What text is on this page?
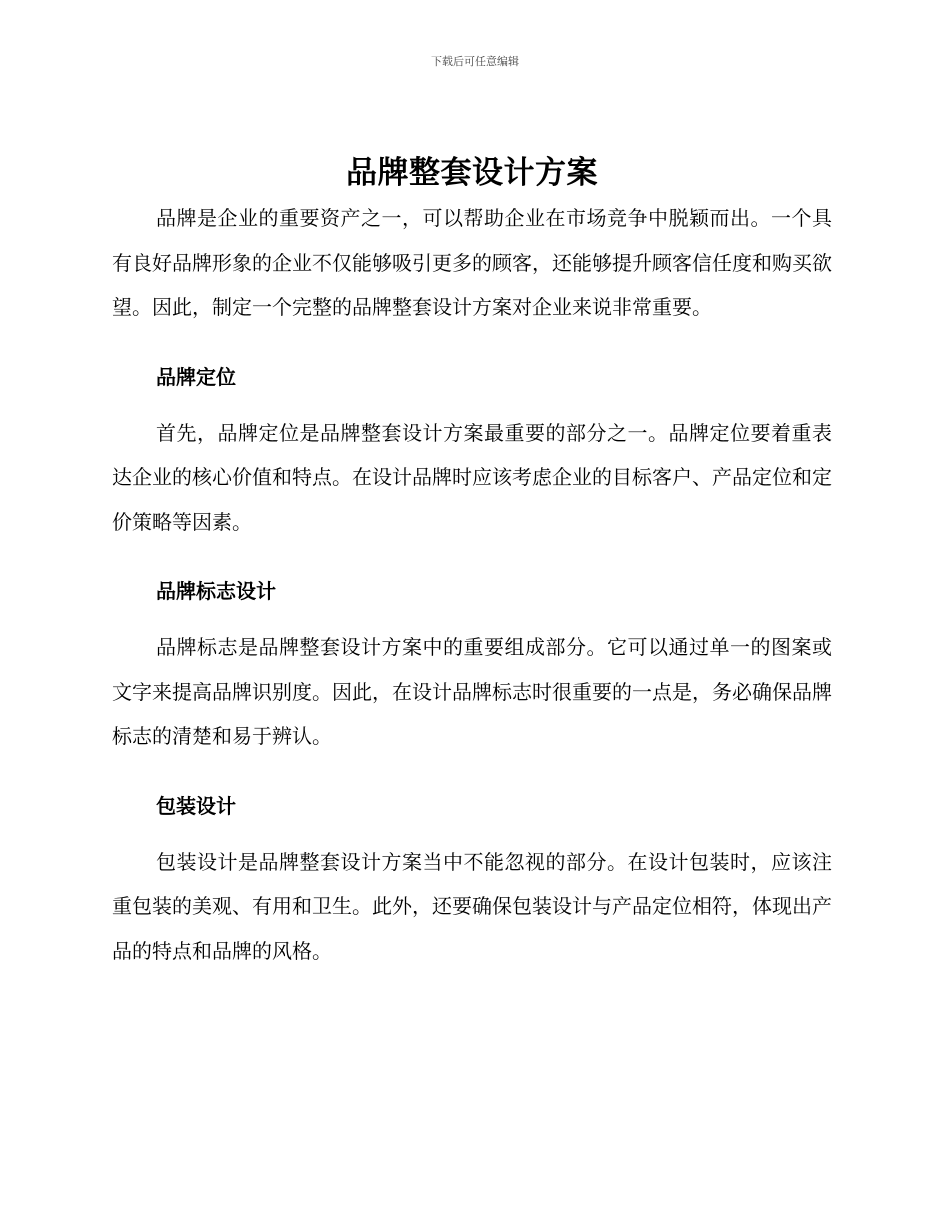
下载后可任意编辑
品牌整套设计方案

品牌是企业的重要资产之一，可以帮助企业在市场竞争中脱颖而出。一个具有良好品牌形象的企业不仅能够吸引更多的顾客，还能够提升顾客信任度和购买欲望。因此，制定一个完整的品牌整套设计方案对企业来说非常重要。

品牌定位

首先，品牌定位是品牌整套设计方案最重要的部分之一。品牌定位要着重表达企业的核心价值和特点。在设计品牌时应该考虑企业的目标客户、产品定位和定价策略等因素。

品牌标志设计

品牌标志是品牌整套设计方案中的重要组成部分。它可以通过单一的图案或文字来提高品牌识别度。因此，在设计品牌标志时很重要的一点是，务必确保品牌标志的清楚和易于辨认。

包装设计

包装设计是品牌整套设计方案当中不能忽视的部分。在设计包装时，应该注重包装的美观、有用和卫生。此外，还要确保包装设计与产品定位相符，体现出产品的特点和品牌的风格。
